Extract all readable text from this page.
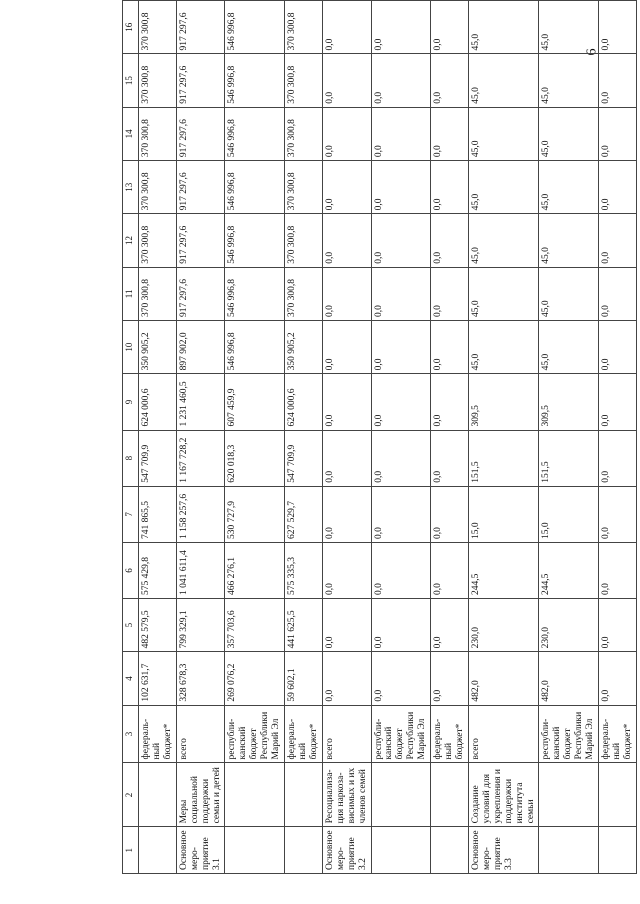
6
1	2	3	4	5	6	7	8	9	10	11	12	13	14	15	16
		федераль-ный бюджет*	102 631,7	482 579,5	575 429,8	741 865,5	547 709,9	624 000,6	350 905,2	370 300,8	370 300,8	370 300,8	370 300,8	370 300,8	370 300,8
Основное меро-приятие 3.1	Меры социальной поддержки семьи и детей	всего	328 678,3	799 329,1	1 041 611,4	1 158 257,6	1 167 728,2	1 231 460,5	897 902,0	917 297,6	917 297,6	917 297,6	917 297,6	917 297,6	917 297,6
		республи-канский бюджет Республики Марий Эл	269 076,2	357 703,6	466 276,1	530 727,9	620 018,3	607 459,9	546 996,8	546 996,8	546 996,8	546 996,8	546 996,8	546 996,8	546 996,8
		федераль-ный бюджет*	59 602,1	441 625,5	575 335,3	627 529,7	547 709,9	624 000,6	350 905,2	370 300,8	370 300,8	370 300,8	370 300,8	370 300,8	370 300,8
Основное меро-приятие 3.2	Ресоциализа-ция наркоза-висимых и их членов семей	всего	0,0	0,0	0,0	0,0	0,0	0,0	0,0	0,0	0,0	0,0	0,0	0,0	0,0
		республи-канский бюджет Республики Марий Эл	0,0	0,0	0,0	0,0	0,0	0,0	0,0	0,0	0,0	0,0	0,0	0,0	0,0
		федераль-ный бюджет*	0,0	0,0	0,0	0,0	0,0	0,0	0,0	0,0	0,0	0,0	0,0	0,0	0,0
Основное меро-приятие 3.3	Создание условий для укрепления и поддержки института семьи	всего	482,0	230,0	244,5	15,0	151,5	309,5	45,0	45,0	45,0	45,0	45,0	45,0	45,0
		республи-канский бюджет Республики Марий Эл	482,0	230,0	244,5	15,0	151,5	309,5	45,0	45,0	45,0	45,0	45,0	45,0	45,0
		федераль-ный бюджет*	0,0	0,0	0,0	0,0	0,0	0,0	0,0	0,0	0,0	0,0	0,0	0,0	0,0
